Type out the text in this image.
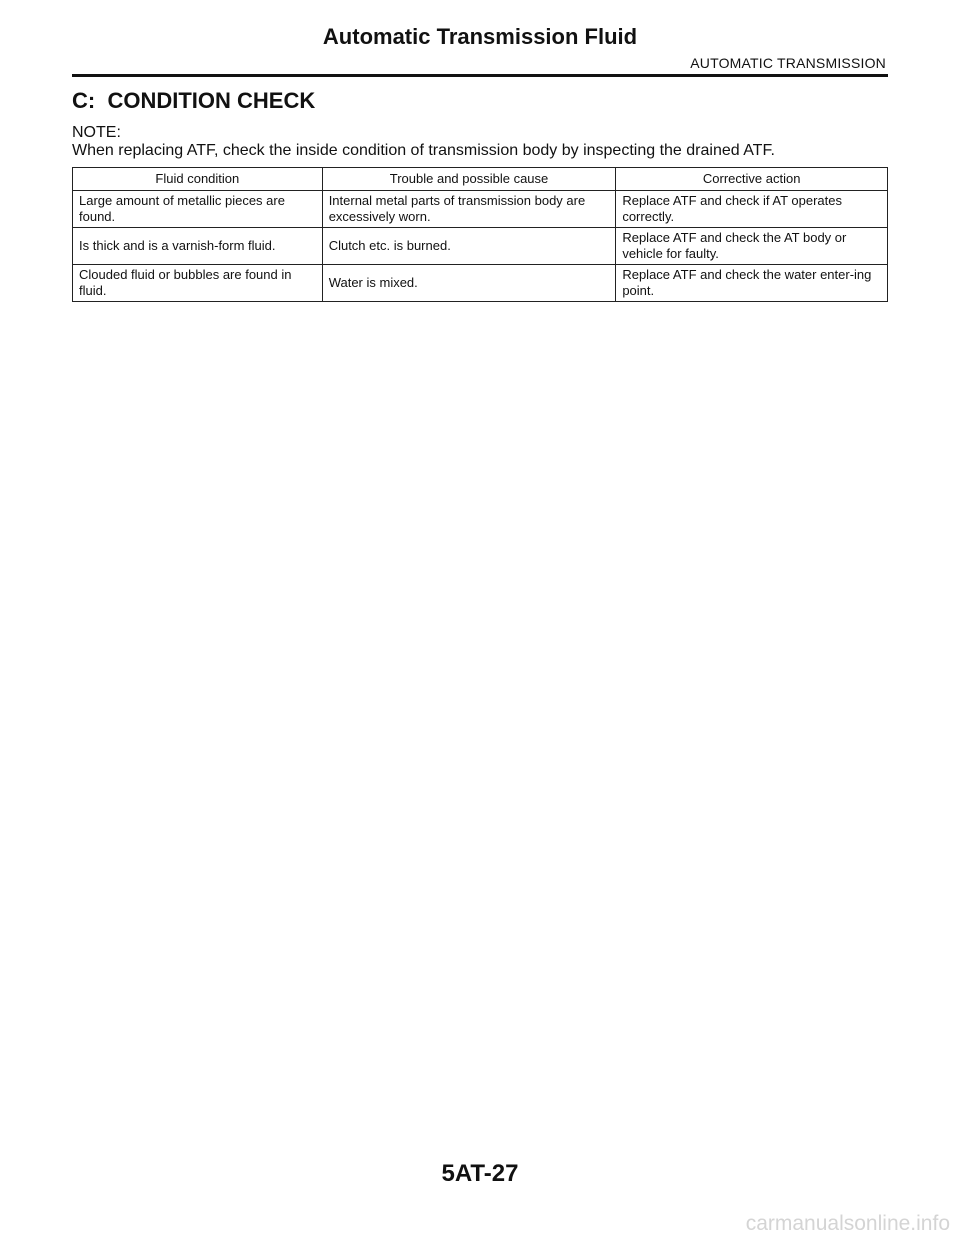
Automatic Transmission Fluid
AUTOMATIC TRANSMISSION
C:  CONDITION CHECK
NOTE:
When replacing ATF, check the inside condition of transmission body by inspecting the drained ATF.
Fluid condition	Trouble and possible cause	Corrective action
Large amount of metallic pieces are found.	Internal metal parts of transmission body are excessively worn.	Replace ATF and check if AT operates correctly.
Is thick and is a varnish-form fluid.	Clutch etc. is burned.	Replace ATF and check the AT body or vehicle for faulty.
Clouded fluid or bubbles are found in fluid.	Water is mixed.	Replace ATF and check the water enter-ing point.
5AT-27
carmanualsonline.info
